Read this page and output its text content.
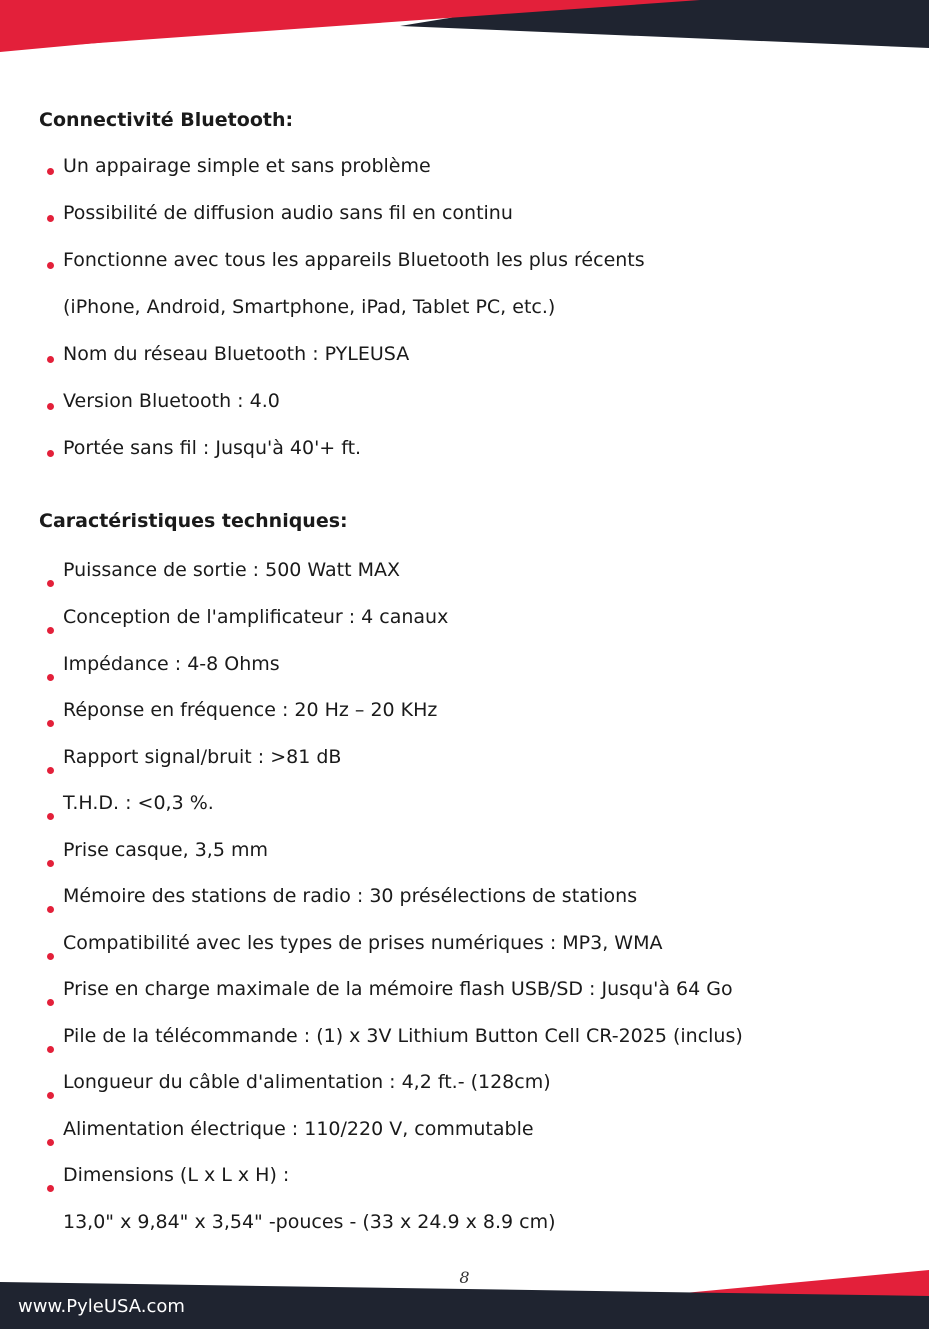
Connectivité Bluetooth:
Un appairage simple et sans problème
Possibilité de diffusion audio sans fil en continu
Fonctionne avec tous les appareils Bluetooth les plus récents
(iPhone, Android, Smartphone, iPad, Tablet PC, etc.)
Nom du réseau Bluetooth : PYLEUSA
Version Bluetooth : 4.0
Portée sans fil : Jusqu'à 40'+ ft.
Caractéristiques techniques:
Puissance de sortie : 500 Watt MAX
Conception de l'amplificateur : 4 canaux
Impédance : 4-8 Ohms
Réponse en fréquence : 20 Hz – 20 KHz
Rapport signal/bruit : >81 dB
T.H.D. : <0,3 %.
Prise casque, 3,5 mm
Mémoire des stations de radio : 30 présélections de stations
Compatibilité avec les types de prises numériques : MP3, WMA
Prise en charge maximale de la mémoire flash USB/SD : Jusqu'à 64 Go
Pile de la télécommande : (1) x 3V Lithium Button Cell CR-2025 (inclus)
Longueur du câble d'alimentation : 4,2 ft.- (128cm)
Alimentation électrique : 110/220 V, commutable
Dimensions (L x L x H) :
13,0" x 9,84" x 3,54" -pouces - (33 x 24.9 x 8.9 cm)
8
www.PyleUSA.com
